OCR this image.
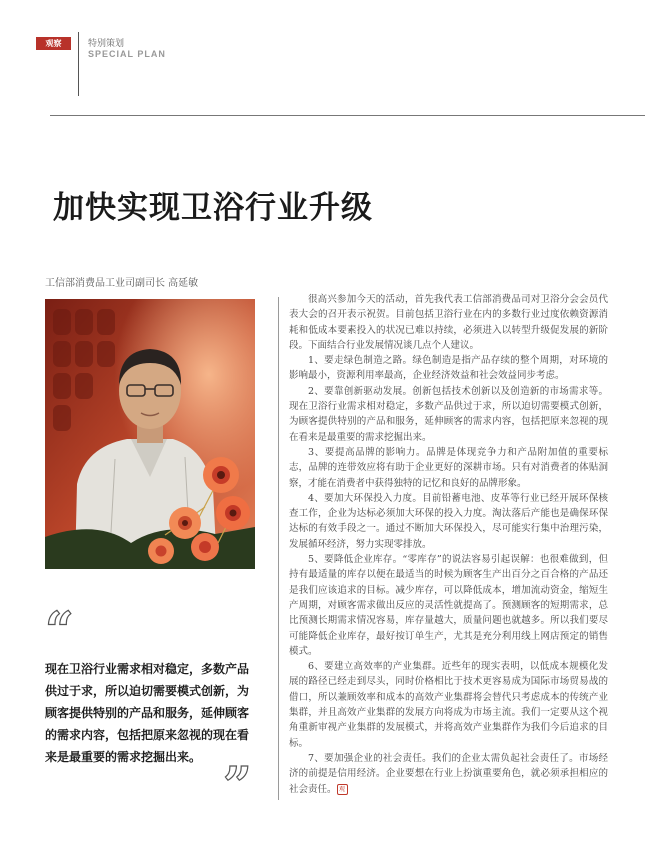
观察	特别策划
SPECIAL PLAN
加快实现卫浴行业升级
工信部消费品工业司副司长 高延敏
“

现在卫浴行业需求相对稳定，多数产品供过于求，所以迫切需要模式创新，为顾客提供特别的产品和服务，延伸顾客的需求内容，包括把原来忽视的现在看来是最重要的需求挖掘出来。 ”

很高兴参加今天的活动，首先我代表工信部消费品司对卫浴分会会员代表大会的召开表示祝贺。目前包括卫浴行业在内的多数行业过度依赖资源消耗和低成本要素投入的状况已难以持续，必须进入以转型升级促发展的新阶段。下面结合行业发展情况谈几点个人建议。

1、要走绿色制造之路。绿色制造是指产品存续的整个周期，对环境的影响最小，资源利用率最高，企业经济效益和社会效益同步考虑。

2、要靠创新驱动发展。创新包括技术创新以及创造新的市场需求等。现在卫浴行业需求相对稳定，多数产品供过于求，所以迫切需要模式创新，为顾客提供特别的产品和服务，延伸顾客的需求内容，包括把原来忽视的现在看来是最重要的需求挖掘出来。

3、要提高品牌的影响力。品牌是体现竞争力和产品附加值的重要标志，品牌的连带效应将有助于企业更好的深耕市场。只有对消费者的体贴洞察，才能在消费者中获得独特的记忆和良好的品牌形象。

4、要加大环保投入力度。目前铅蓄电池、皮革等行业已经开展环保核查工作，企业为达标必须加大环保的投入力度。淘汰落后产能也是确保环保达标的有效手段之一。通过不断加大环保投入，尽可能实行集中治理污染，发展循环经济，努力实现零排放。

5、要降低企业库存。“零库存”的说法容易引起误解：也很难做到，但持有最适量的库存以便在最适当的时候为顾客生产出百分之百合格的产品还是我们应该追求的目标。减少库存，可以降低成本，增加流动资金，缩短生产周期，对顾客需求做出反应的灵活性就提高了。预测顾客的短期需求，总比预测长期需求情况容易，库存量越大，质量问题也就越多。所以我们要尽可能降低企业库存，最好按订单生产，尤其是充分利用线上网店预定的销售模式。

6、要建立高效率的产业集群。近些年的现实表明，以低成本规模化发展的路径已经走到尽头，同时价格相比于技术更容易成为国际市场贸易战的借口，所以兼顾效率和成本的高效产业集群将会替代只考虑成本的传统产业集群，并且高效产业集群的发展方向将成为市场主流。我们一定要从这个视角重新审视产业集群的发展模式，并将高效产业集群作为我们今后追求的目标。

7、要加强企业的社会责任。我们的企业太需负起社会责任了。市场经济的前提是信用经济。企业要想在行业上扮演重要角色，就必须承担相应的社会责任。 观
